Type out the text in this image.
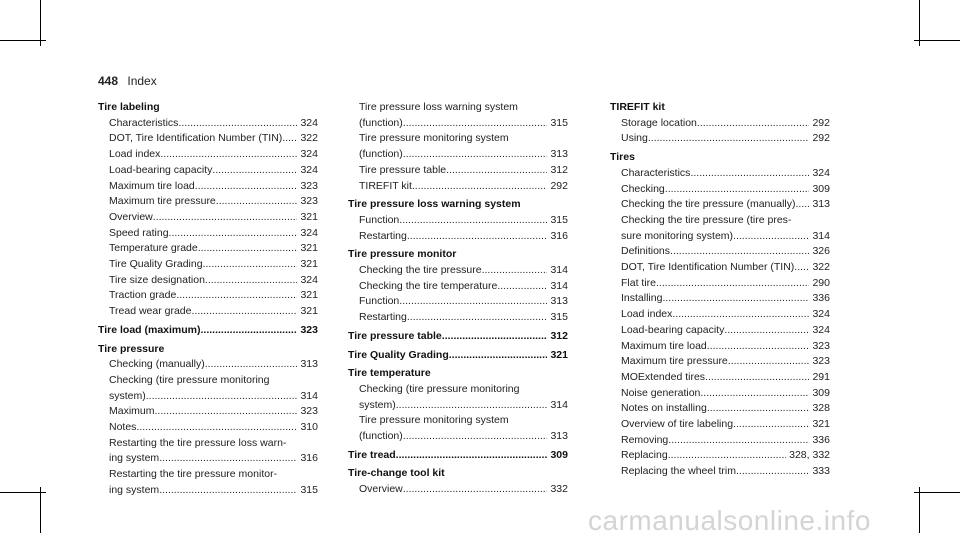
448 Index
Tire labeling
Characteristics .....	324
DOT, Tire Identification Number (TIN) ..... 322
Load index .....	324
Load-bearing capacity .....	324
Maximum tire load .....	323
Maximum tire pressure .....	323
Overview .....	321
Speed rating .....	324
Temperature grade .....	321
Tire Quality Grading .....	321
Tire size designation .....	324
Traction grade .....	321
Tread wear grade .....	321
Tire load (maximum) .....	323
Tire pressure
Checking (manually) .....	313
Checking (tire pressure monitoring
system) .....	314
Maximum .....	323
Notes .....	310
Restarting the tire pressure loss warn-
ing system .....	316
Restarting the tire pressure monitor-
ing system .....	315
Tire pressure loss warning system
(function) .....	315
Tire pressure monitoring system
(function) .....	313
Tire pressure table .....	312
TIREFIT kit .....	292
Tire pressure loss warning system
Function .....	315
Restarting .....	316
Tire pressure monitor
Checking the tire pressure .....	314
Checking the tire temperature .....	314
Function .....	313
Restarting .....	315
Tire pressure table .....	312
Tire Quality Grading .....	321
Tire temperature
Checking (tire pressure monitoring
system) .....	314
Tire pressure monitoring system
(function) .....	313
Tire tread .....	309
Tire-change tool kit
Overview .....	332
TIREFIT kit
Storage location .....	292
Using .....	292
Tires
Characteristics .....	324
Checking .....	309
Checking the tire pressure (manually) ..... 313
Checking the tire pressure (tire pres-
sure monitoring system) .....	314
Definitions .....	326
DOT, Tire Identification Number (TIN) ..... 322
Flat tire .....	290
Installing .....	336
Load index .....	324
Load-bearing capacity .....	324
Maximum tire load .....	323
Maximum tire pressure .....	323
MOExtended tires .....	291
Noise generation .....	309
Notes on installing .....	328
Overview of tire labeling .....	321
Removing .....	336
Replacing .....	328, 332
Replacing the wheel trim .....	333
carmanualsonline.info
